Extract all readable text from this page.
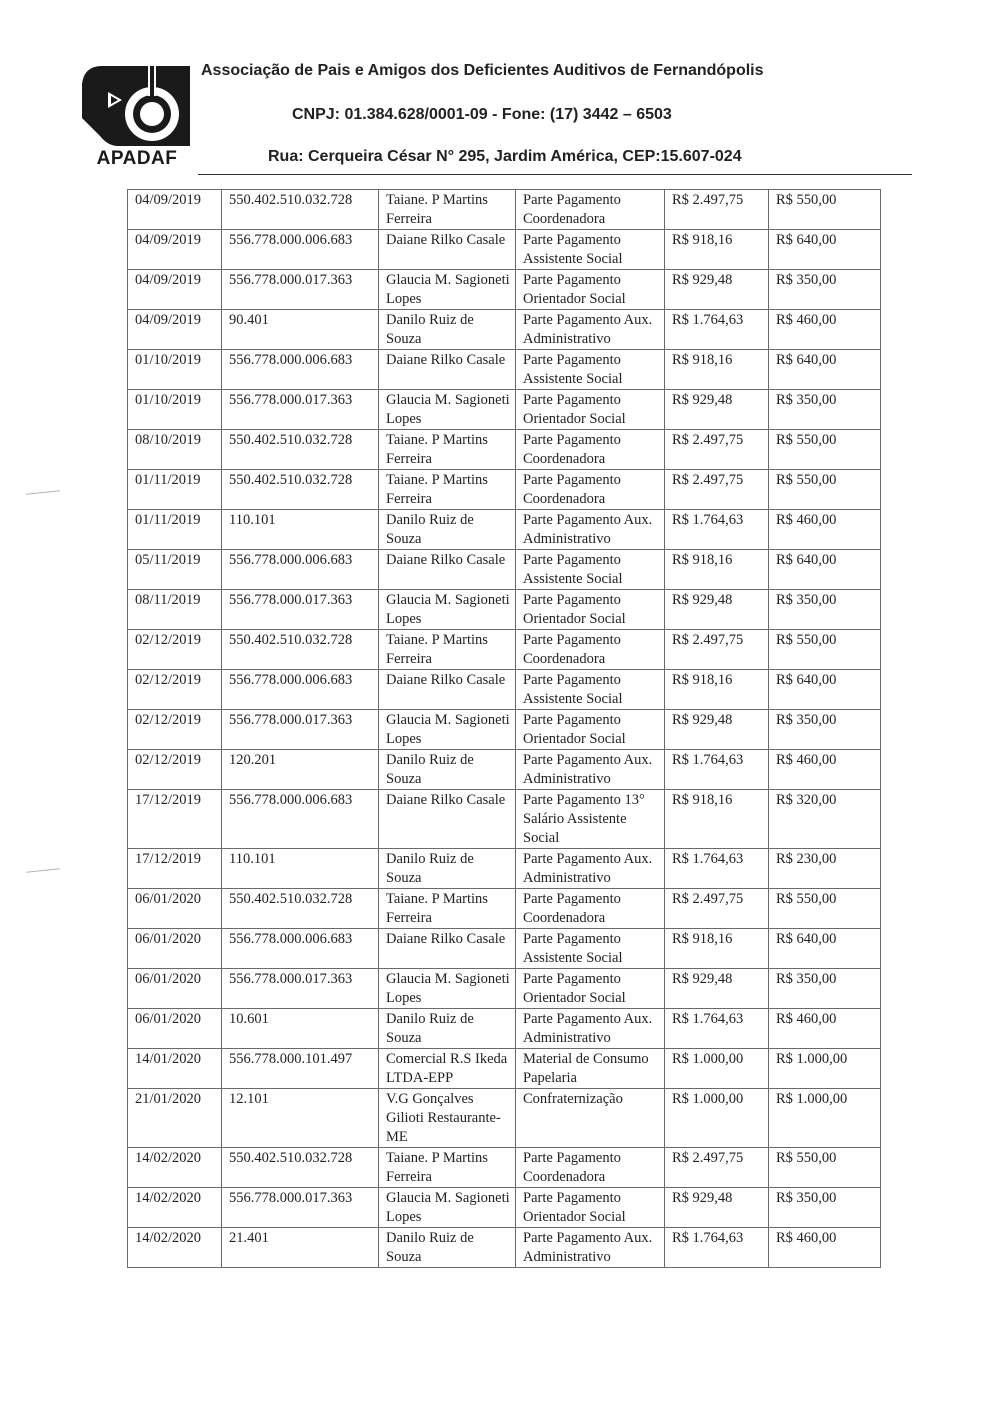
APADAF
Associação de Pais e Amigos dos Deficientes Auditivos de Fernandópolis
CNPJ: 01.384.628/0001-09 - Fone: (17) 3442 – 6503
Rua: Cerqueira César N° 295, Jardim América, CEP:15.607-024
04/09/2019	550.402.510.032.728	Taiane. P Martins Ferreira	Parte Pagamento Coordenadora	R$ 2.497,75	R$ 550,00
04/09/2019	556.778.000.006.683	Daiane Rilko Casale	Parte Pagamento Assistente Social	R$ 918,16	R$ 640,00
04/09/2019	556.778.000.017.363	Glaucia M. Sagioneti Lopes	Parte Pagamento Orientador Social	R$ 929,48	R$ 350,00
04/09/2019	90.401	Danilo Ruiz de Souza	Parte Pagamento Aux. Administrativo	R$ 1.764,63	R$ 460,00
01/10/2019	556.778.000.006.683	Daiane Rilko Casale	Parte Pagamento Assistente Social	R$ 918,16	R$ 640,00
01/10/2019	556.778.000.017.363	Glaucia M. Sagioneti Lopes	Parte Pagamento Orientador Social	R$ 929,48	R$ 350,00
08/10/2019	550.402.510.032.728	Taiane. P Martins Ferreira	Parte Pagamento Coordenadora	R$ 2.497,75	R$ 550,00
01/11/2019	550.402.510.032.728	Taiane. P Martins Ferreira	Parte Pagamento Coordenadora	R$ 2.497,75	R$ 550,00
01/11/2019	110.101	Danilo Ruiz de Souza	Parte Pagamento Aux. Administrativo	R$ 1.764,63	R$ 460,00
05/11/2019	556.778.000.006.683	Daiane Rilko Casale	Parte Pagamento Assistente Social	R$ 918,16	R$ 640,00
08/11/2019	556.778.000.017.363	Glaucia M. Sagioneti Lopes	Parte Pagamento Orientador Social	R$ 929,48	R$ 350,00
02/12/2019	550.402.510.032.728	Taiane. P Martins Ferreira	Parte Pagamento Coordenadora	R$ 2.497,75	R$ 550,00
02/12/2019	556.778.000.006.683	Daiane Rilko Casale	Parte Pagamento Assistente Social	R$ 918,16	R$ 640,00
02/12/2019	556.778.000.017.363	Glaucia M. Sagioneti Lopes	Parte Pagamento Orientador Social	R$ 929,48	R$ 350,00
02/12/2019	120.201	Danilo Ruiz de Souza	Parte Pagamento Aux. Administrativo	R$ 1.764,63	R$ 460,00
17/12/2019	556.778.000.006.683	Daiane Rilko Casale	Parte Pagamento 13° Salário Assistente Social	R$ 918,16	R$ 320,00
17/12/2019	110.101	Danilo Ruiz de Souza	Parte Pagamento Aux. Administrativo	R$ 1.764,63	R$ 230,00
06/01/2020	550.402.510.032.728	Taiane. P Martins Ferreira	Parte Pagamento Coordenadora	R$ 2.497,75	R$ 550,00
06/01/2020	556.778.000.006.683	Daiane Rilko Casale	Parte Pagamento Assistente Social	R$ 918,16	R$ 640,00
06/01/2020	556.778.000.017.363	Glaucia M. Sagioneti Lopes	Parte Pagamento Orientador Social	R$ 929,48	R$ 350,00
06/01/2020	10.601	Danilo Ruiz de Souza	Parte Pagamento Aux. Administrativo	R$ 1.764,63	R$ 460,00
14/01/2020	556.778.000.101.497	Comercial R.S Ikeda LTDA-EPP	Material de Consumo Papelaria	R$ 1.000,00	R$ 1.000,00
21/01/2020	12.101	V.G Gonçalves Gilioti Restaurante-ME	Confraternização	R$ 1.000,00	R$ 1.000,00
14/02/2020	550.402.510.032.728	Taiane. P Martins Ferreira	Parte Pagamento Coordenadora	R$ 2.497,75	R$ 550,00
14/02/2020	556.778.000.017.363	Glaucia M. Sagioneti Lopes	Parte Pagamento Orientador Social	R$ 929,48	R$ 350,00
14/02/2020	21.401	Danilo Ruiz de Souza	Parte Pagamento Aux. Administrativo	R$ 1.764,63	R$ 460,00
